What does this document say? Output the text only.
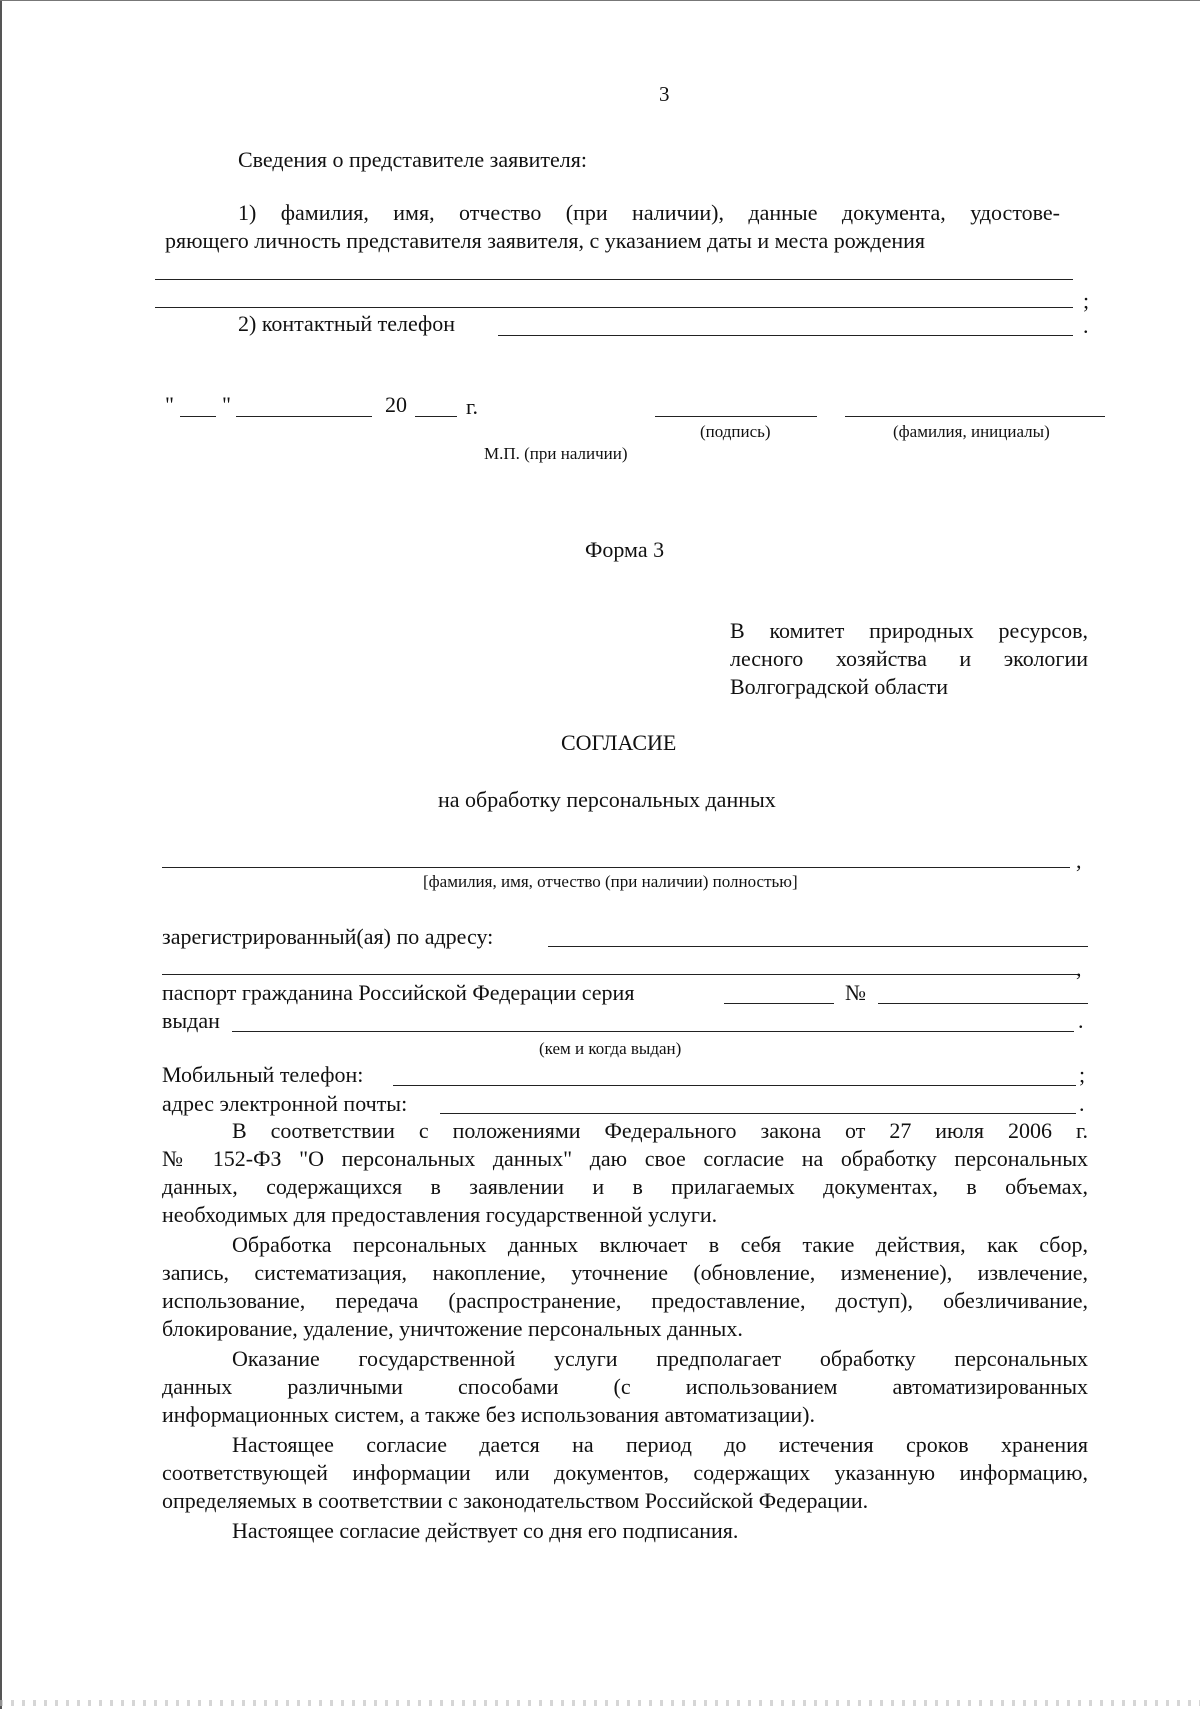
3
Сведения о представителе заявителя:
1) фамилия, имя, отчество (при наличии), данные документа, удостове-
ряющего личность представителя заявителя, с указанием даты и места рождения
;
2) контактный телефон	.
" "	20	г.
(подпись)	(фамилия, инициалы)
М.П. (при наличии)
Форма 3
В комитет природных ресурсов,
лесного хозяйства и экологии
Волгоградской области
СОГЛАСИЕ
на обработку персональных данных
,
[фамилия, имя, отчество (при наличии) полностью]
зарегистрированный(ая) по адресу:
,
паспорт гражданина Российской Федерации серия	№
выдан	.
(кем и когда выдан)
Мобильный телефон:	;
адрес электронной почты:	.
В соответствии с положениями Федерального закона от 27 июля 2006 г.
№ 152-ФЗ "О персональных данных" даю свое согласие на обработку персональных
данных, содержащихся в заявлении и в прилагаемых документах, в объемах,
необходимых для предоставления государственной услуги.
Обработка персональных данных включает в себя такие действия, как сбор,
запись, систематизация, накопление, уточнение (обновление, изменение), извлечение,
использование, передача (распространение, предоставление, доступ), обезличивание,
блокирование, удаление, уничтожение персональных данных.
Оказание государственной услуги предполагает обработку персональных
данных различными способами (с использованием автоматизированных
информационных систем, а также без использования автоматизации).
Настоящее согласие дается на период до истечения сроков хранения
соответствующей информации или документов, содержащих указанную информацию,
определяемых в соответствии с законодательством Российской Федерации.
Настоящее согласие действует со дня его подписания.
